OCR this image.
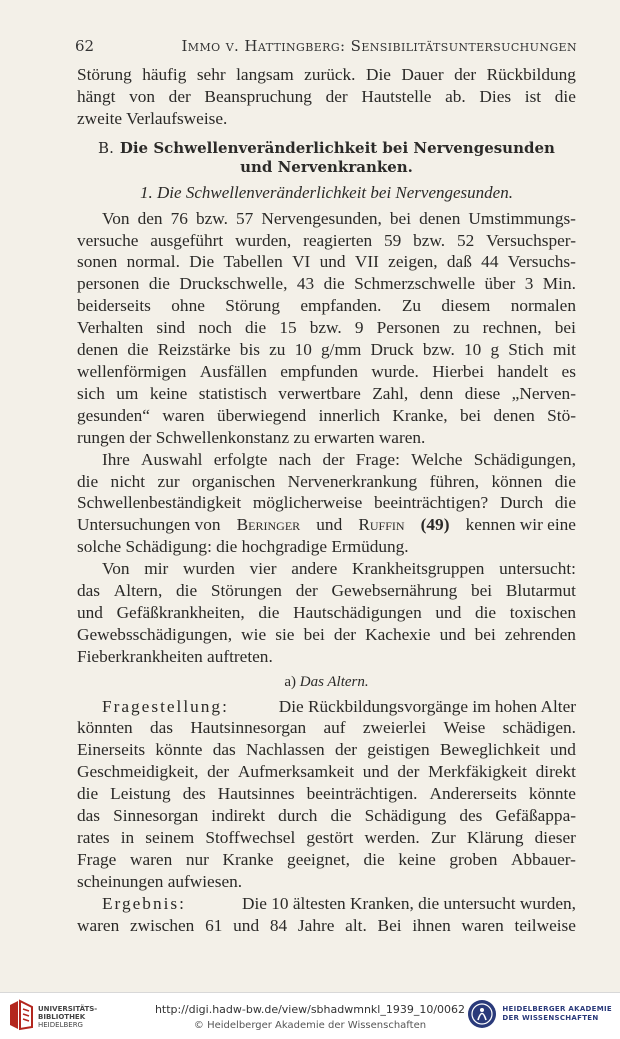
62	Immo v. Hattingberg: Sensibilitätsuntersuchungen
Störung häufig sehr langsam zurück. Die Dauer der Rückbildung
hängt von der Beanspruchung der Hautstelle ab. Dies ist die
zweite Verlaufsweise.
B. Die Schwellenveränderlichkeit bei Nervengesunden
und Nervenkranken.
1. Die Schwellenveränderlichkeit bei Nervengesunden.
Von den 76 bzw. 57 Nervengesunden, bei denen Umstimmungs-
versuche ausgeführt wurden, reagierten 59 bzw. 52 Versuchsper-
sonen normal. Die Tabellen VI und VII zeigen, daß 44 Versuchs-
personen die Druckschwelle, 43 die Schmerzschwelle über 3 Min.
beiderseits ohne Störung empfanden. Zu diesem normalen
Verhalten sind noch die 15 bzw. 9 Personen zu rechnen, bei
denen die Reizstärke bis zu 10 g/mm Druck bzw. 10 g Stich mit
wellenförmigen Ausfällen empfunden wurde. Hierbei handelt es
sich um keine statistisch verwertbare Zahl, denn diese „Nerven-
gesunden“ waren überwiegend innerlich Kranke, bei denen Stö-
rungen der Schwellenkonstanz zu erwarten waren.
Ihre Auswahl erfolgte nach der Frage: Welche Schädigungen,
die nicht zur organischen Nervenerkrankung führen, können die
Schwellenbeständigkeit möglicherweise beeinträchtigen? Durch die
Untersuchungen von Beringer und Ruffin (49) kennen wir eine
solche Schädigung: die hochgradige Ermüdung.
Von mir wurden vier andere Krankheitsgruppen untersucht:
das Altern, die Störungen der Gewebsernährung bei Blutarmut
und Gefäßkrankheiten, die Hautschädigungen und die toxischen
Gewebsschädigungen, wie sie bei der Kachexie und bei zehrenden
Fieberkrankheiten auftreten.
a) Das Altern.
Fragestellung:	Die Rückbildungsvorgänge im hohen Alter
könnten das Hautsinnesorgan auf zweierlei Weise schädigen.
Einerseits könnte das Nachlassen der geistigen Beweglichkeit und
Geschmeidigkeit, der Aufmerksamkeit und der Merkfäkigkeit direkt
die Leistung des Hautsinnes beeinträchtigen. Andererseits könnte
das Sinnesorgan indirekt durch die Schädigung des Gefäßappa-
rates in seinem Stoffwechsel gestört werden. Zur Klärung dieser
Frage waren nur Kranke geeignet, die keine groben Abbauer-
scheinungen aufwiesen.
Ergebnis:	Die 10 ältesten Kranken, die untersucht wurden,
waren zwischen 61 und 84 Jahre alt. Bei ihnen waren teilweise
UNIVERSITÄTS-
BIBLIOTHEK
HEIDELBERG
http://digi.hadw-bw.de/view/sbhadwmnkl_1939_10/0062
© Heidelberger Akademie der Wissenschaften
HEIDELBERGER AKADEMIE
DER WISSENSCHAFTEN
